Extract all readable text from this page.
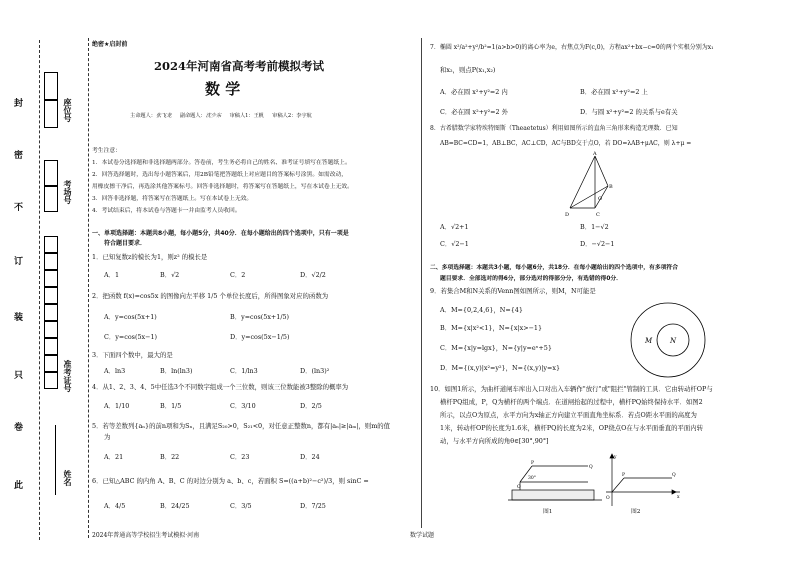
封
密
不
订
装
只
卷
此
座位号
考场号
准考证号
姓名
绝密★启封前
2024年河南省高考考前模拟考试
数 学
主命题人：张飞龙 副命题人：沈少东 审稿人1：王帆 审稿人2：李宇航
考生注意：
1．本试卷分选择题和非选择题两部分。答卷前，考生务必将自己的姓名、准考证号填写在答题纸上。
2．回答选择题时，选出每小题答案后，用2B铅笔把答题纸上对应题目的答案标号涂黑。如需改动，
用橡皮擦干净后，再选涂其他答案标号。回答非选择题时，将答案写在答题纸上，写在本试卷上无效。
3．回答非选择题，将答案写在答题纸上。写在本试卷上无效。
4．考试结束后，将本试卷与答题卡一并由监考人员收回。
一、单项选择题：本题共8小题，每小题5分，共40分．在每小题给出的四个选项中，只有一项是
符合题目要求．
1．已知复数z的模长为1，则z² 的模长是
A．1	B．√2	C．2	D．√2/2
2．把函数 f(x)=cos5x 的图像向左平移 1/5 个单位长度后，所得图象对应的函数为
A．y=cos(5x+1)	B．y=cos(5x+1/5)
C．y=cos(5x−1)	D．y=cos(5x−1/5)
3．下面四个数中，最大的是
A．ln3	B．ln(ln3)	C．1/ln3	D．(ln3)²
4．从1、2、3、4、5中任选3个不同数字组成一个三位数，则该三位数能被3整除的概率为
A．1/10	B．1/5	C．3/10	D．2/5
5．若等差数列{aₙ}的前n项和为Sₙ，且满足S₂₀>0，S₂₁<0，对任意正整数n，都有|aₙ|≥|aₘ|，则m的值
为
A．21	B．22	C．23	D．24
6．已知△ABC 的内角 A、B、C 的对边分别为 a、b、c，若面积 S=((a+b)²−c²)/3，则 sinC =
A．4/5	B．24/25	C．3/5	D．7/25
7．椭圆 x²/a²+y²/b²=1(a>b>0)的离心率为e，右焦点为F(c,0)，方程ax²+bx−c=0的两个实根分别为x₁
和x₂，则点P(x₁,x₂)
A．必在圆 x²+y²=2 内	B．必在圆 x²+y²=2 上
C．必在圆 x²+y²=2 外	D．与圆 x²+y²=2 的关系与e有关
8．古希腊数学家特埃特图斯（Theaetetus）利用如图所示的直角三角形来构造无理数．已知
AB=BC=CD=1，AB⊥BC，AC⊥CD，AC与BD交于点O，若 DO=λAB+μAC，则 λ+μ =
A
B
C
D
O
A．√2+1	B．1−√2
C．√2−1	D．−√2−1
二、多项选择题：本题共3小题，每小题6分，共18分．在每小题给出的四个选项中，有多项符合
题目要求．全部选对的得6分，部分选对的得部分分，有选错的得0分．
9．若集合M和N关系的Venn图如图所示，则M，N可能是
A．M={0,2,4,6}，N={4}
B．M={x|x²<1}，N={x|x>−1}
C．M={x|y=lgx}，N={y|y=eˣ+5}
D．M={(x,y)|x²=y²}，N={(x,y)|y=x}
M	N
10．如图1所示，为曲杆道闸车库出入口对出入车辆作"放行"或"阻拦"管制的工具．它由转动杆OP与
横杆PQ组成，P，Q为横杆的两个端点．在道闸抬起的过程中，横杆PQ始终保持水平．如图2
所示，以点O为原点，水平方向为x轴正方向建立平面直角坐标系．若点O距水平面的高度为
1米，转动杆OP的长度为1.6米，横杆PQ的长度为2米，OP绕点O在与水平面垂直的平面内转
动，与水平方向所成的角θ∈[30°,90°]
O
P
Q
30°
图1
O
P	Q
x
y
图2
2024年普通高等学校招生考试模拟·河南	数学试题
